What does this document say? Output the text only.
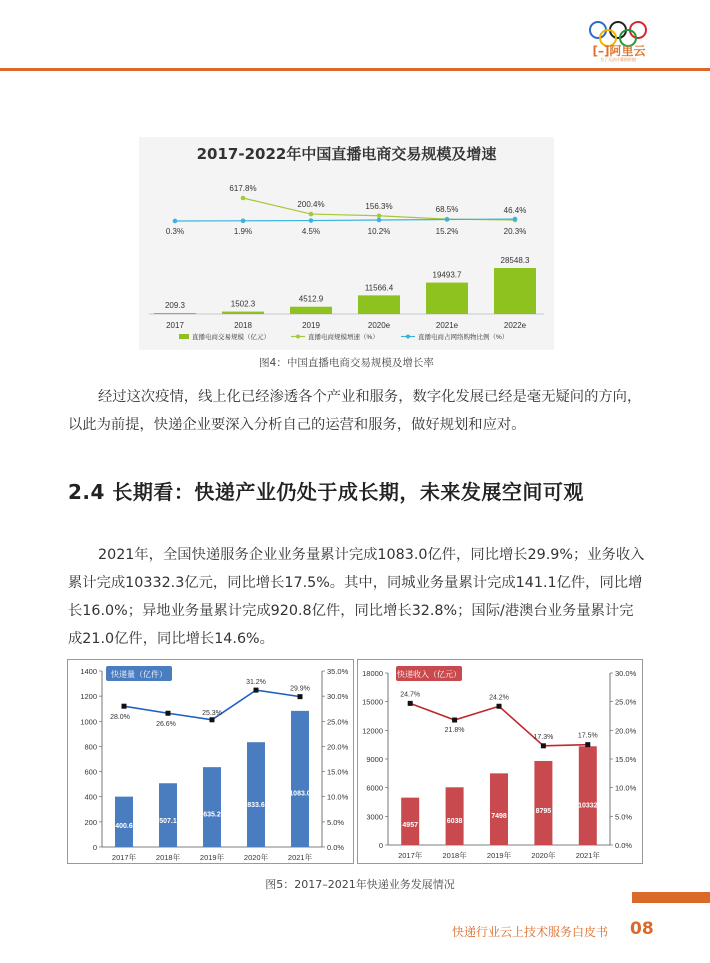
[–]阿里云
为了无法计算的价值
2017-2022年中国直播电商交易规模及增速
209.3
2017
1502.3
2018
4512.9
2019
11566.4
2020e
19493.7
2021e
28548.3
2022e
617.8%
200.4%	156.3%	68.5%	46.4%
0.3%	1.9%	4.5%	10.2%	15.2%	20.3%
直播电商交易规模（亿元）	直播电商规模增速（%）	直播电商占网络购物比例（%）
图4：中国直播电商交易规模及增长率
经过这次疫情，线上化已经渗透各个产业和服务，数字化发展已经是毫无疑问的方向，以此为前提，快递企业要深入分析自己的运营和服务，做好规划和应对。
2.4 长期看：快递产业仍处于成长期，未来发展空间可观
2021年，全国快递服务企业业务量累计完成1083.0亿件，同比增长29.9%；业务收入累计完成10332.3亿元，同比增长17.5%。其中，同城业务量累计完成141.1亿件，同比增长16.0%；异地业务量累计完成920.8亿件，同比增长32.8%；国际/港澳台业务量累计完成21.0亿件，同比增长14.6%。
0
200
400
600
800
1000
1200
1400
0.0%
5.0%
10.0%
15.0%
20.0%
25.0%
30.0%
35.0%
400.6
2017年
507.1
2018年
635.2
2019年
833.6
2020年
1083.0
2021年
28.0%
26.6%
25.3%
31.2%
29.9%
快递量（亿件）
0
3000
6000
9000
12000
15000
18000
0.0%
5.0%
10.0%
15.0%
20.0%
25.0%
30.0%
4957
2017年
6038
2018年
7498
2019年
8795
2020年
10332
2021年
24.7%
21.8%
24.2%
17.3%	17.5%
快递收入（亿元）
图5：2017–2021年快递业务发展情况
快递行业云上技术服务白皮书 08
